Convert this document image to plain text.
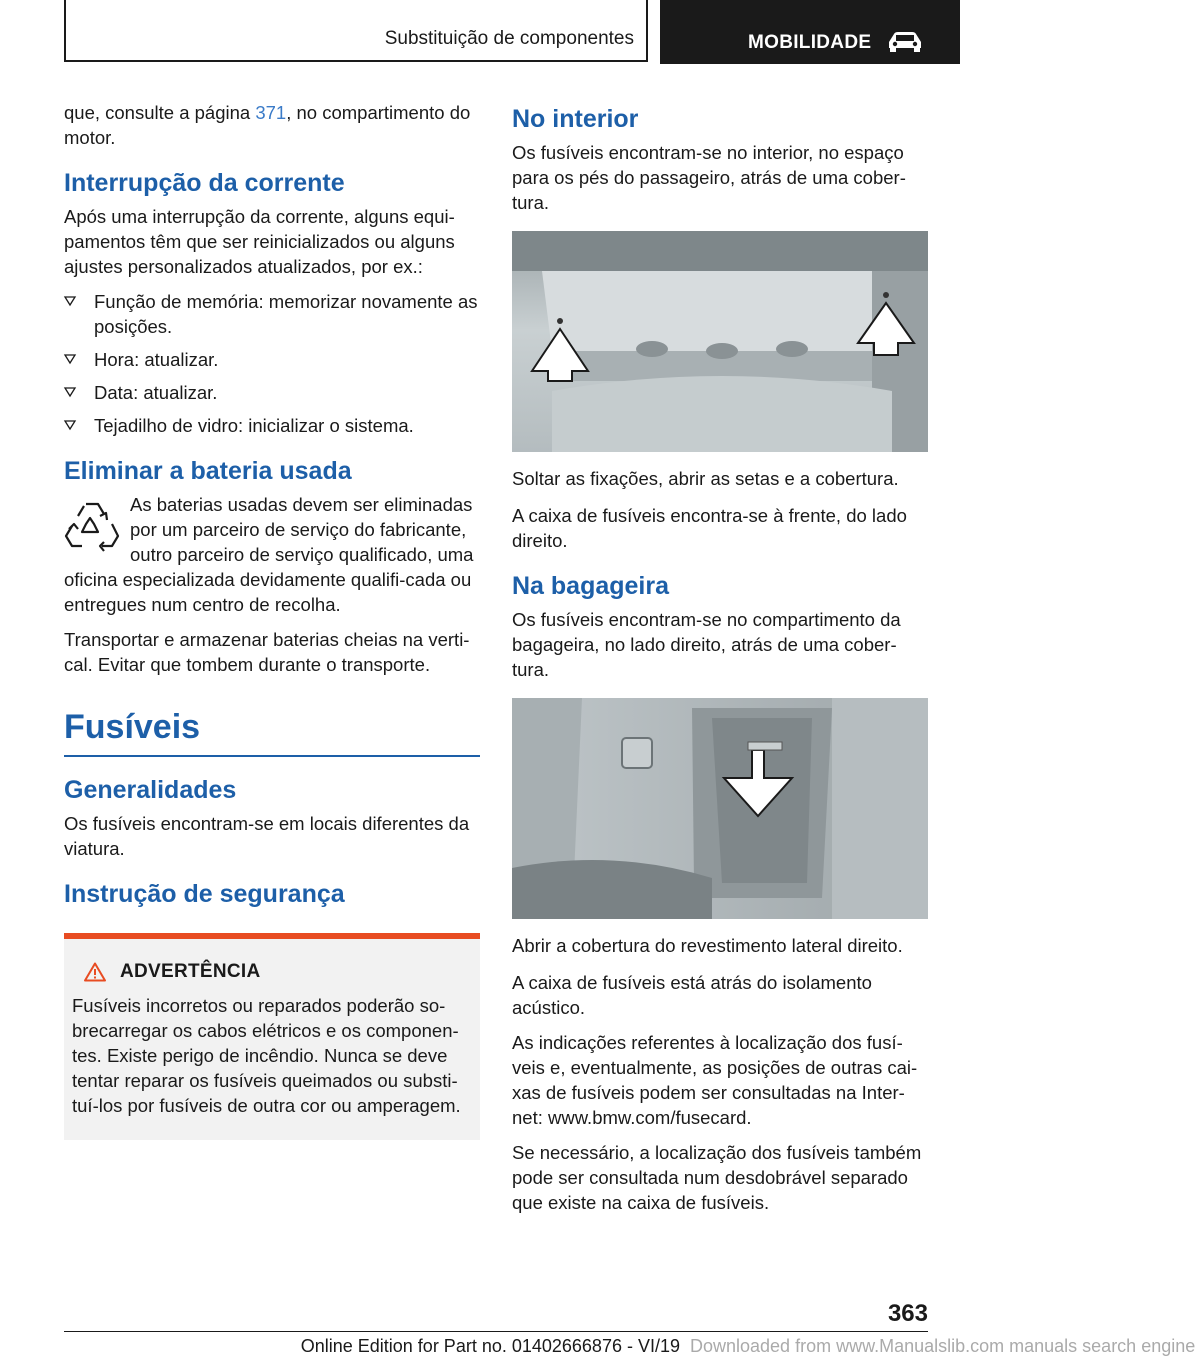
Substituição de componentes	MOBILIDADE

que, consulte a página 371, no compartimento do motor.

Interrupção da corrente

Após uma interrupção da corrente, alguns equi-pamentos têm que ser reinicializados ou alguns ajustes personalizados atualizados, por ex.:

Função de memória: memorizar novamente as posições.
Hora: atualizar.
Data: atualizar.
Tejadilho de vidro: inicializar o sistema.
Eliminar a bateria usada

As baterias usadas devem ser eliminadas por um parceiro de serviço do fabricante, outro parceiro de serviço qualificado, uma oficina especializada devidamente qualifi-cada ou entregues num centro de recolha.

Transportar e armazenar baterias cheias na verti-cal. Evitar que tombem durante o transporte.

Fusíveis
Generalidades

Os fusíveis encontram-se em locais diferentes da viatura.

Instrução de segurança
ADVERTÊNCIA

Fusíveis incorretos ou reparados poderão so-brecarregar os cabos elétricos e os componen-tes. Existe perigo de incêndio. Nunca se deve tentar reparar os fusíveis queimados ou substi-tuí-los por fusíveis de outra cor ou amperagem.

No interior

Os fusíveis encontram-se no interior, no espaço para os pés do passageiro, atrás de uma cober-tura.

Soltar as fixações, abrir as setas e a cobertura.

A caixa de fusíveis encontra-se à frente, do lado direito.

Na bagageira

Os fusíveis encontram-se no compartimento da bagageira, no lado direito, atrás de uma cober-tura.

Abrir a cobertura do revestimento lateral direito.

A caixa de fusíveis está atrás do isolamento acústico.

As indicações referentes à localização dos fusí-veis e, eventualmente, as posições de outras cai-xas de fusíveis podem ser consultadas na Inter-net: www.bmw.com/fusecard.

Se necessário, a localização dos fusíveis também pode ser consultada num desdobrável separado que existe na caixa de fusíveis.

363
Online Edition for Part no. 01402666876 - VI/19 Downloaded from www.Manualslib.com manuals search engine
